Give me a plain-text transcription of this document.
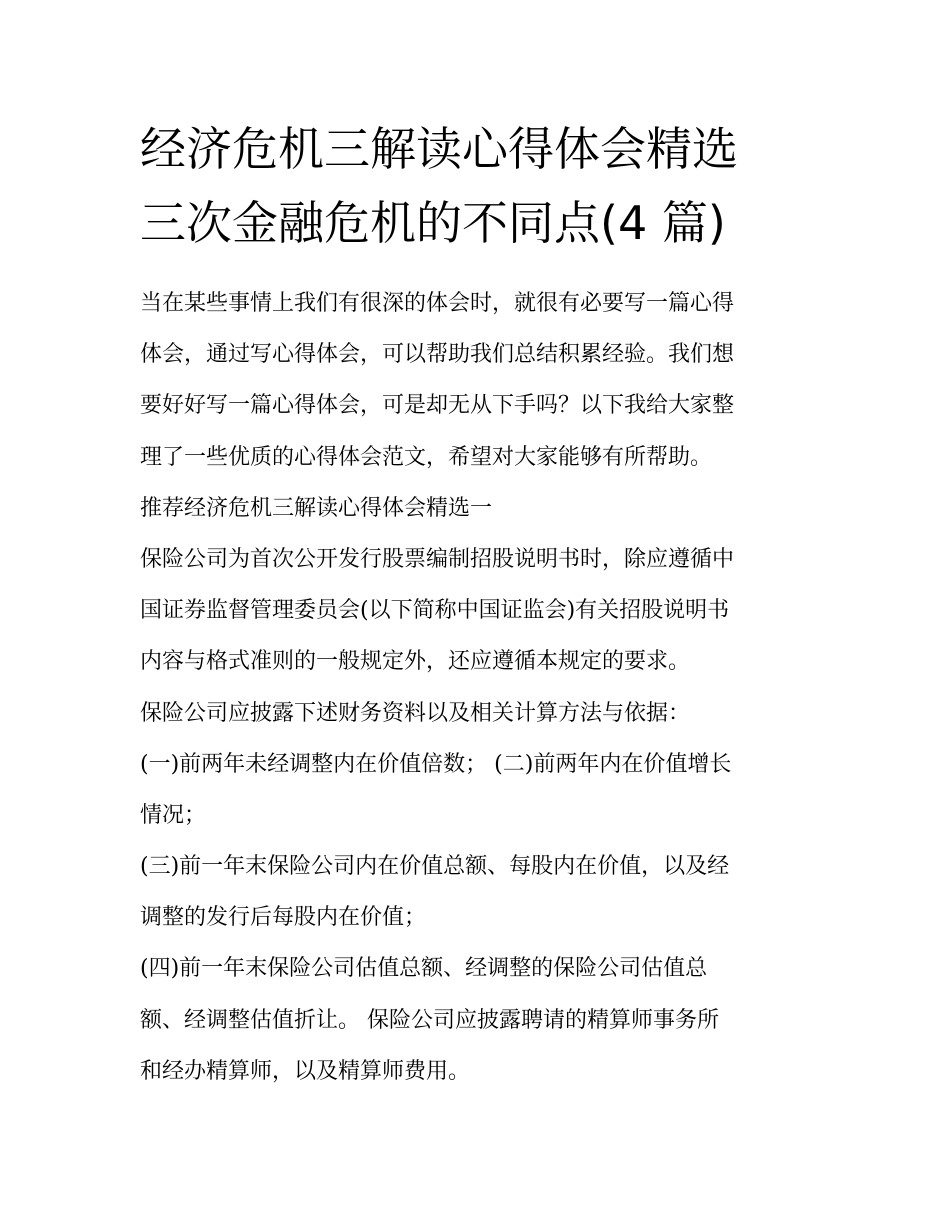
经济危机三解读心得体会精选
三次金融危机的不同点(4 篇)
当在某些事情上我们有很深的体会时，就很有必要写一篇心得
体会，通过写心得体会，可以帮助我们总结积累经验。我们想
要好好写一篇心得体会，可是却无从下手吗？以下我给大家整
理了一些优质的心得体会范文，希望对大家能够有所帮助。
推荐经济危机三解读心得体会精选一
保险公司为首次公开发行股票编制招股说明书时，除应遵循中
国证券监督管理委员会(以下简称中国证监会)有关招股说明书
内容与格式准则的一般规定外，还应遵循本规定的要求。
保险公司应披露下述财务资料以及相关计算方法与依据：
(一)前两年未经调整内在价值倍数； (二)前两年内在价值增长
情况；
(三)前一年末保险公司内在价值总额、每股内在价值，以及经
调整的发行后每股内在价值；
(四)前一年末保险公司估值总额、经调整的保险公司估值总
额、经调整估值折让。 保险公司应披露聘请的精算师事务所
和经办精算师，以及精算师费用。
